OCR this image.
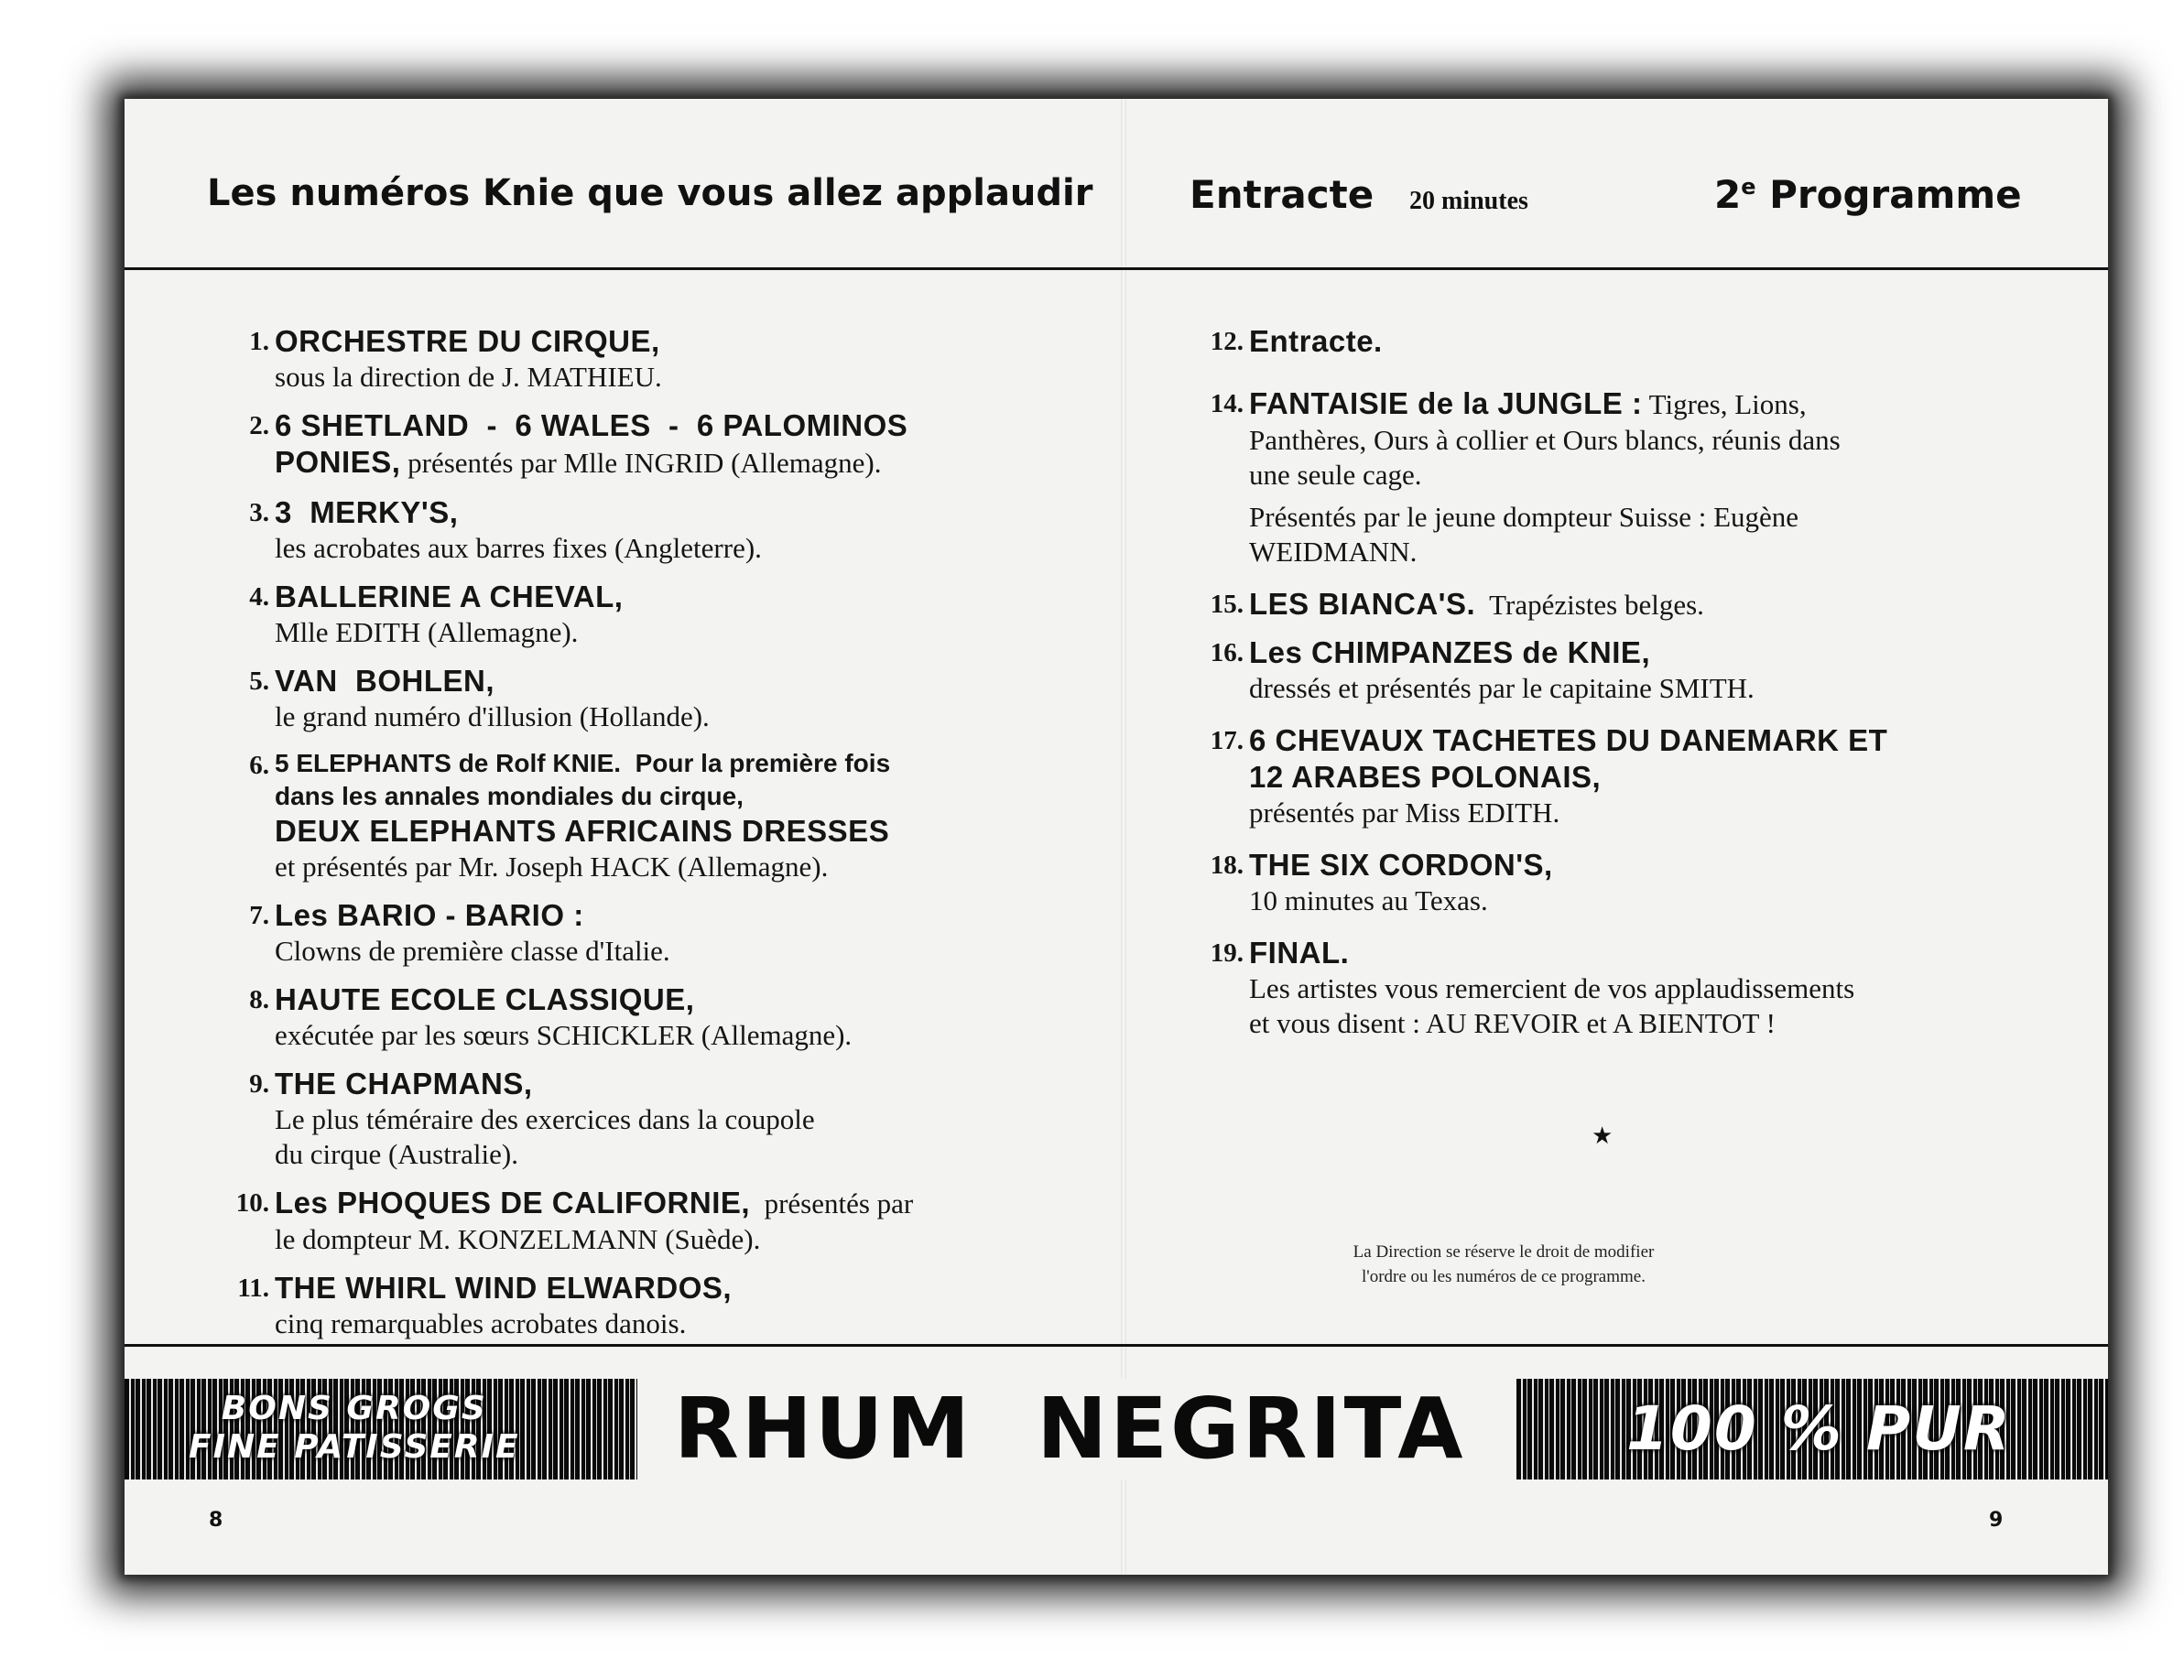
Les numéros Knie que vous allez applaudir	Entracte 20 minutes	2e Programme
1. ORCHESTRE DU CIRQUE,
sous la direction de J. MATHIEU.
2. 6 SHETLAND  -  6 WALES  -  6 PALOMINOS
PONIES, présentés par Mlle INGRID (Allemagne).
3. 3  MERKY'S,
les acrobates aux barres fixes (Angleterre).
4. BALLERINE A CHEVAL,
Mlle EDITH (Allemagne).
5. VAN  BOHLEN,
le grand numéro d'illusion (Hollande).
6. 5 ELEPHANTS de Rolf KNIE.  Pour la première fois
dans les annales mondiales du cirque,
DEUX ELEPHANTS AFRICAINS DRESSES
et présentés par Mr. Joseph HACK (Allemagne).
7. Les BARIO - BARIO :
Clowns de première classe d'Italie.
8. HAUTE ECOLE CLASSIQUE,
exécutée par les sœurs SCHICKLER (Allemagne).
9. THE CHAPMANS,
Le plus téméraire des exercices dans la coupole
du cirque (Australie).
10. Les PHOQUES DE CALIFORNIE,  présentés par
le dompteur M. KONZELMANN (Suède).
11. THE WHIRL WIND ELWARDOS,
cinq remarquables acrobates danois.
12. Entracte.
14. FANTAISIE de la JUNGLE : Tigres, Lions,
Panthères, Ours à collier et Ours blancs, réunis dans
une seule cage.
Présentés par le jeune dompteur Suisse : Eugène
WEIDMANN.
15. LES BIANCA'S.  Trapézistes belges.
16. Les CHIMPANZES de KNIE,
dressés et présentés par le capitaine SMITH.
17. 6 CHEVAUX TACHETES DU DANEMARK ET
12 ARABES POLONAIS,
présentés par Miss EDITH.
18. THE SIX CORDON'S,
10 minutes au Texas.
19. FINAL.
Les artistes vous remercient de vos applaudissements
et vous disent : AU REVOIR et A BIENTOT !
★
La Direction se réserve le droit de modifier
l'ordre ou les numéros de ce programme.
BONS GROGS
FINE PATISSERIE RHUM  NEGRITA	100 % PUR
8	9
